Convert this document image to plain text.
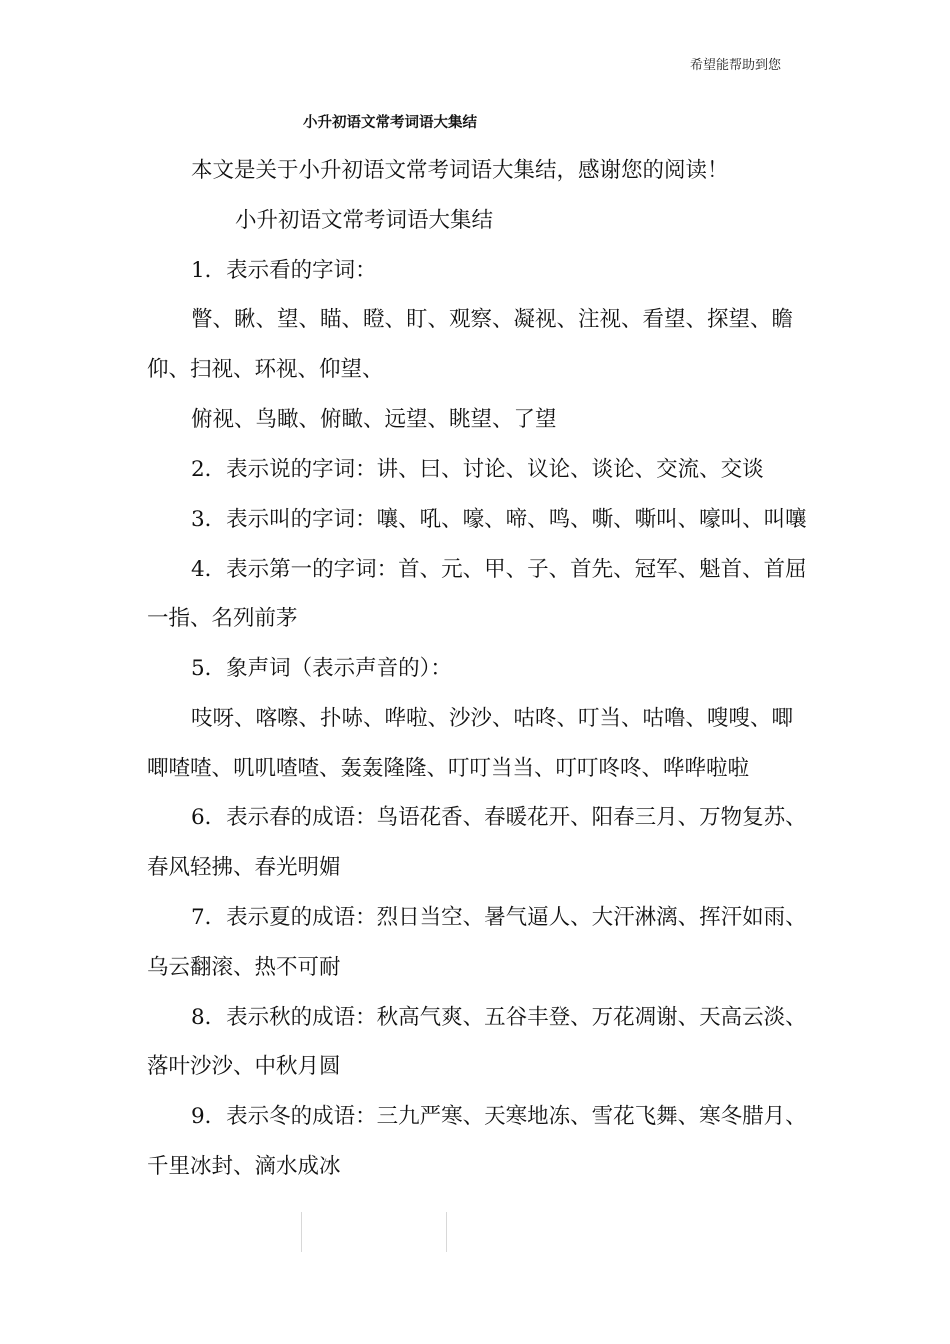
希望能帮助到您
小升初语文常考词语大集结
本文是关于小升初语文常考词语大集结，感谢您的阅读！
小升初语文常考词语大集结
1．表示看的字词：
瞥、瞅、望、瞄、瞪、盯、观察、凝视、注视、看望、探望、瞻
仰、扫视、环视、仰望、
俯视、鸟瞰、俯瞰、远望、眺望、了望
2．表示说的字词：讲、曰、讨论、议论、谈论、交流、交谈
3．表示叫的字词：嚷、吼、嚎、啼、鸣、嘶、嘶叫、嚎叫、叫嚷
4．表示第一的字词：首、元、甲、子、首先、冠军、魁首、首屈
一指、名列前茅
5．象声词（表示声音的）：
吱呀、喀嚓、扑哧、哗啦、沙沙、咕咚、叮当、咕噜、嗖嗖、唧
唧喳喳、叽叽喳喳、轰轰隆隆、叮叮当当、叮叮咚咚、哗哗啦啦
6．表示春的成语：鸟语花香、春暖花开、阳春三月、万物复苏、
春风轻拂、春光明媚
7．表示夏的成语：烈日当空、暑气逼人、大汗淋漓、挥汗如雨、
乌云翻滚、热不可耐
8．表示秋的成语：秋高气爽、五谷丰登、万花凋谢、天高云淡、
落叶沙沙、中秋月圆
9．表示冬的成语：三九严寒、天寒地冻、雪花飞舞、寒冬腊月、
千里冰封、滴水成冰
